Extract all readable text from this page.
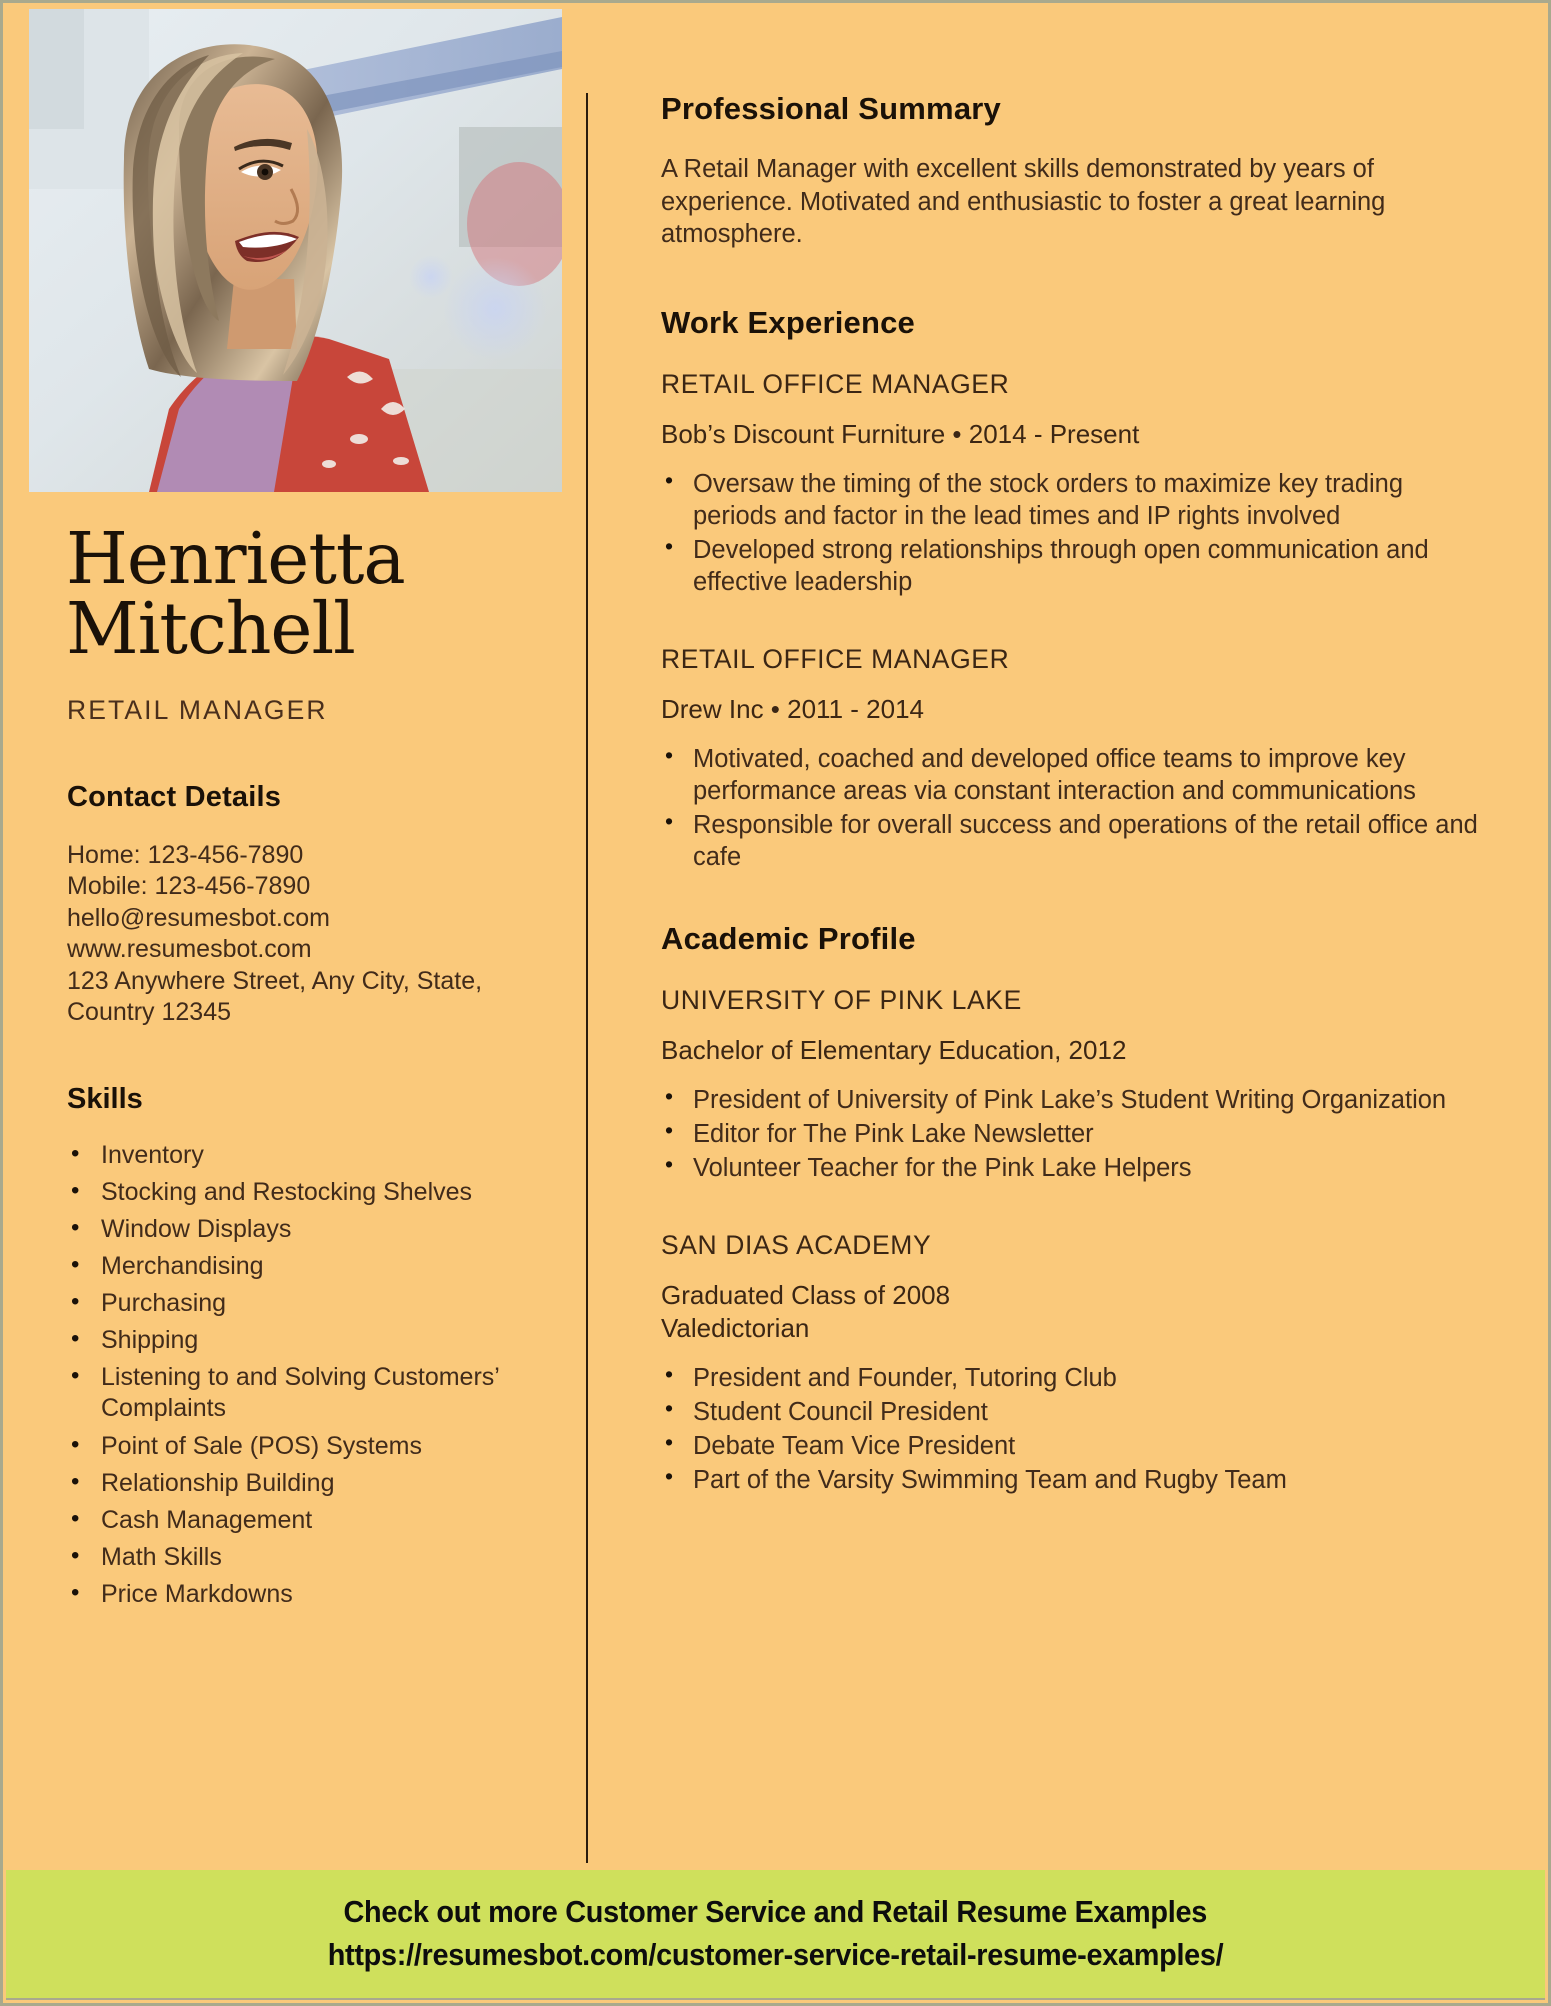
Henrietta
Mitchell
RETAIL MANAGER
Contact Details
Home: 123-456-7890
Mobile: 123-456-7890
hello@resumesbot.com
www.resumesbot.com
123 Anywhere Street, Any City, State,
Country 12345
Skills
• Inventory
• Stocking and Restocking Shelves
• Window Displays
• Merchandising
• Purchasing
• Shipping
• Listening to and Solving Customers’ Complaints
• Point of Sale (POS) Systems
• Relationship Building
• Cash Management
• Math Skills
• Price Markdowns
Professional Summary

A Retail Manager with excellent skills demonstrated by years of experience. Motivated and enthusiastic to foster a great learning atmosphere.

Work Experience
RETAIL OFFICE MANAGER
Bob’s Discount Furniture • 2014 - Present
• Oversaw the timing of the stock orders to maximize key trading periods and factor in the lead times and IP rights involved
• Developed strong relationships through open communication and effective leadership
RETAIL OFFICE MANAGER
Drew Inc • 2011 - 2014
• Motivated, coached and developed office teams to improve key performance areas via constant interaction and communications
• Responsible for overall success and operations of the retail office and cafe
Academic Profile
UNIVERSITY OF PINK LAKE
Bachelor of Elementary Education, 2012
• President of University of Pink Lake’s Student Writing Organization
• Editor for The Pink Lake Newsletter
• Volunteer Teacher for the Pink Lake Helpers
SAN DIAS ACADEMY
Graduated Class of 2008
Valedictorian
• President and Founder, Tutoring Club
• Student Council President
• Debate Team Vice President
• Part of the Varsity Swimming Team and Rugby Team
Check out more Customer Service and Retail Resume Examples
https://resumesbot.com/customer-service-retail-resume-examples/
